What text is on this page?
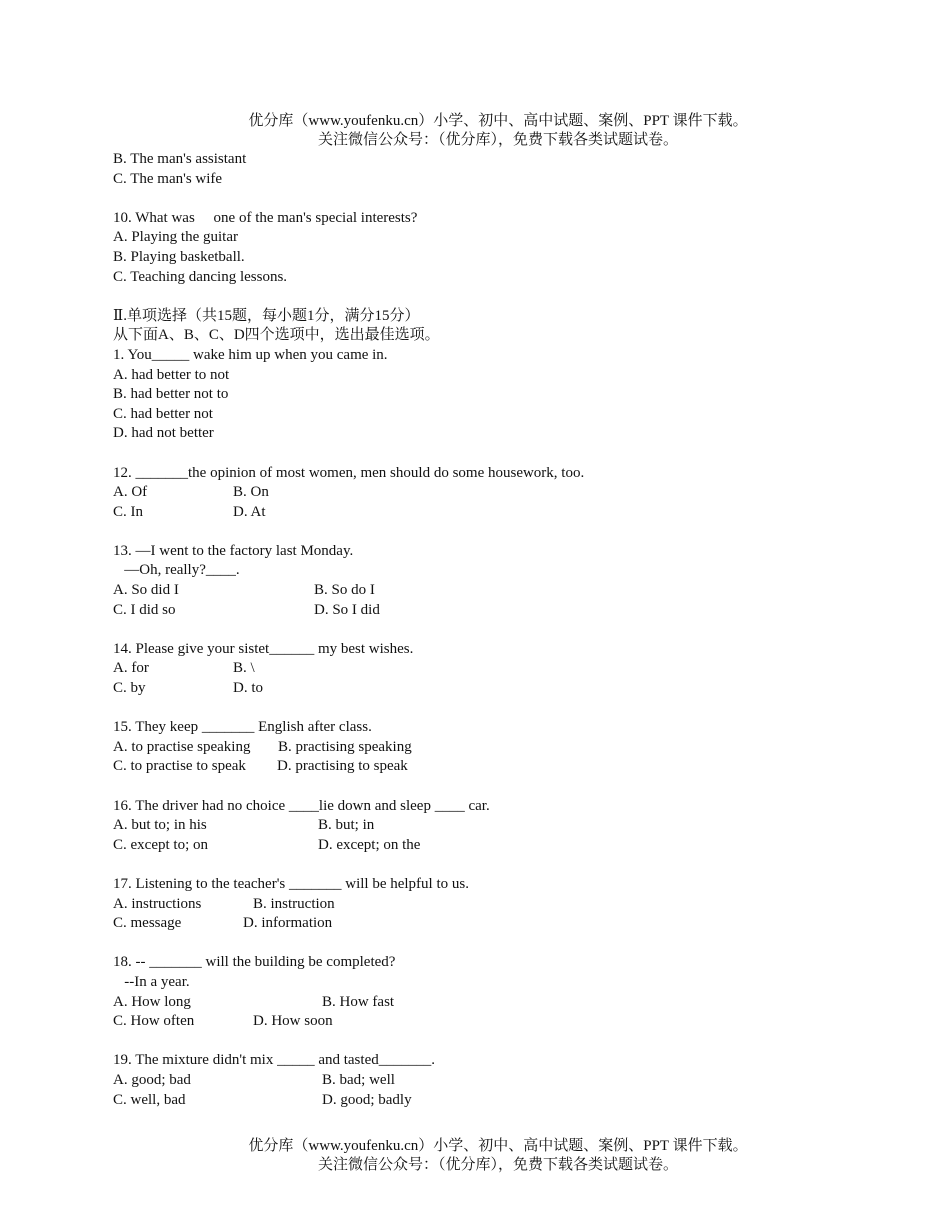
优分库（www.youfenku.cn）小学、初中、高中试题、案例、PPT 课件下载。
关注微信公众号：（优分库），免费下载各类试题试卷。
B. The man's assistant
C. The man's wife
10. What was     one of the man's special interests?
A. Playing the guitar
B. Playing basketball.
C. Teaching dancing lessons.
Ⅱ.单项选择（共15题，每小题1分，满分15分）
从下面A、B、C、D四个选项中，选出最佳选项。
1. You_____ wake him up when you came in.
A. had better to not
B. had better not to
C. had better not
D. had not better
12. _______the opinion of most women, men should do some housework, too.
A. Of	B. On
C. In	D. At
13. —I went to the factory last Monday.
—Oh, really?____.
A. So did I	B. So do I
C. I did so	D. So I did
14. Please give your sistet______ my best wishes.
A. for	B. \
C. by	D. to
15. They keep _______ English after class.
A. to practise speaking B. practising speaking
C. to practise to speak D. practising to speak
16. The driver had no choice ____lie down and sleep ____ car.
A. but to; in his	B. but; in
C. except to; on	D. except; on the
17. Listening to the teacher's _______ will be helpful to us.
A. instructions	B. instruction
C. message	D. information
18. -- _______ will the building be completed?
--In a year.
A. How long	B. How fast
C. How often	D. How soon
19. The mixture didn't mix _____ and tasted_______.
A. good; bad	B. bad; well
C. well, bad	D. good; badly
优分库（www.youfenku.cn）小学、初中、高中试题、案例、PPT 课件下载。
关注微信公众号：（优分库），免费下载各类试题试卷。
